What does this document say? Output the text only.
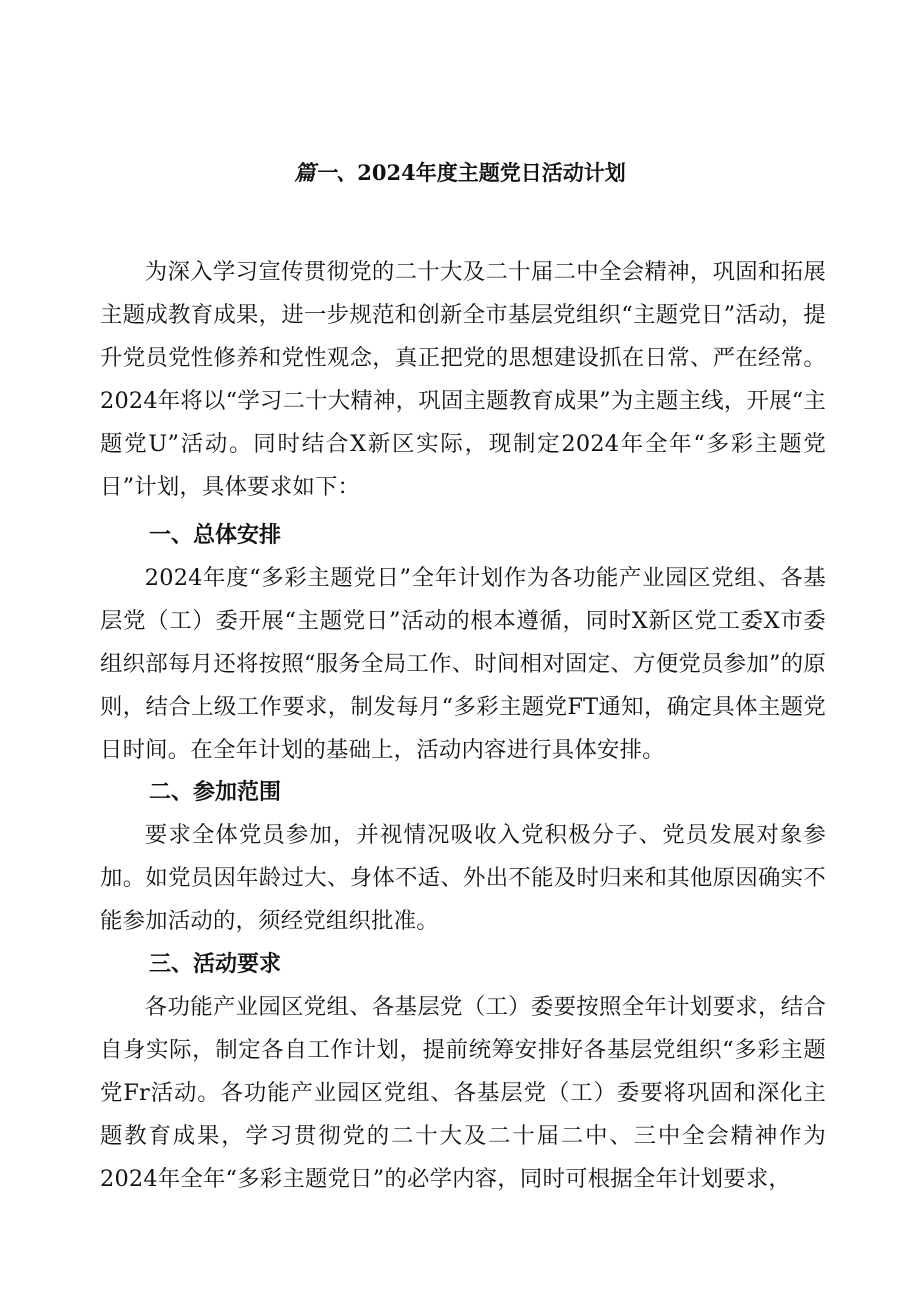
篇一、2024年度主题党日活动计划

为深入学习宣传贯彻党的二十大及二十届二中全会精神，巩固和拓展主题成教育成果，进一步规范和创新全市基层党组织“主题党日”活动，提升党员党性修养和党性观念，真正把党的思想建设抓在日常、严在经常。2024年将以“学习二十大精神，巩固主题教育成果”为主题主线，开展“主题党U”活动。同时结合X新区实际，现制定2024年全年“多彩主题党日”计划，具体要求如下：

一、总体安排

2024年度“多彩主题党日”全年计划作为各功能产业园区党组、各基层党（工）委开展“主题党日”活动的根本遵循，同时X新区党工委X市委组织部每月还将按照“服务全局工作、时间相对固定、方便党员参加”的原则，结合上级工作要求，制发每月“多彩主题党FT通知，确定具体主题党日时间。在全年计划的基础上，活动内容进行具体安排。

二、参加范围

要求全体党员参加，并视情况吸收入党积极分子、党员发展对象参加。如党员因年龄过大、身体不适、外出不能及时归来和其他原因确实不能参加活动的，须经党组织批准。

三、活动要求

各功能产业园区党组、各基层党（工）委要按照全年计划要求，结合自身实际，制定各自工作计划，提前统筹安排好各基层党组织“多彩主题党Fr活动。各功能产业园区党组、各基层党（工）委要将巩固和深化主题教育成果，学习贯彻党的二十大及二十届二中、三中全会精神作为2024年全年“多彩主题党日”的必学内容，同时可根据全年计划要求，
